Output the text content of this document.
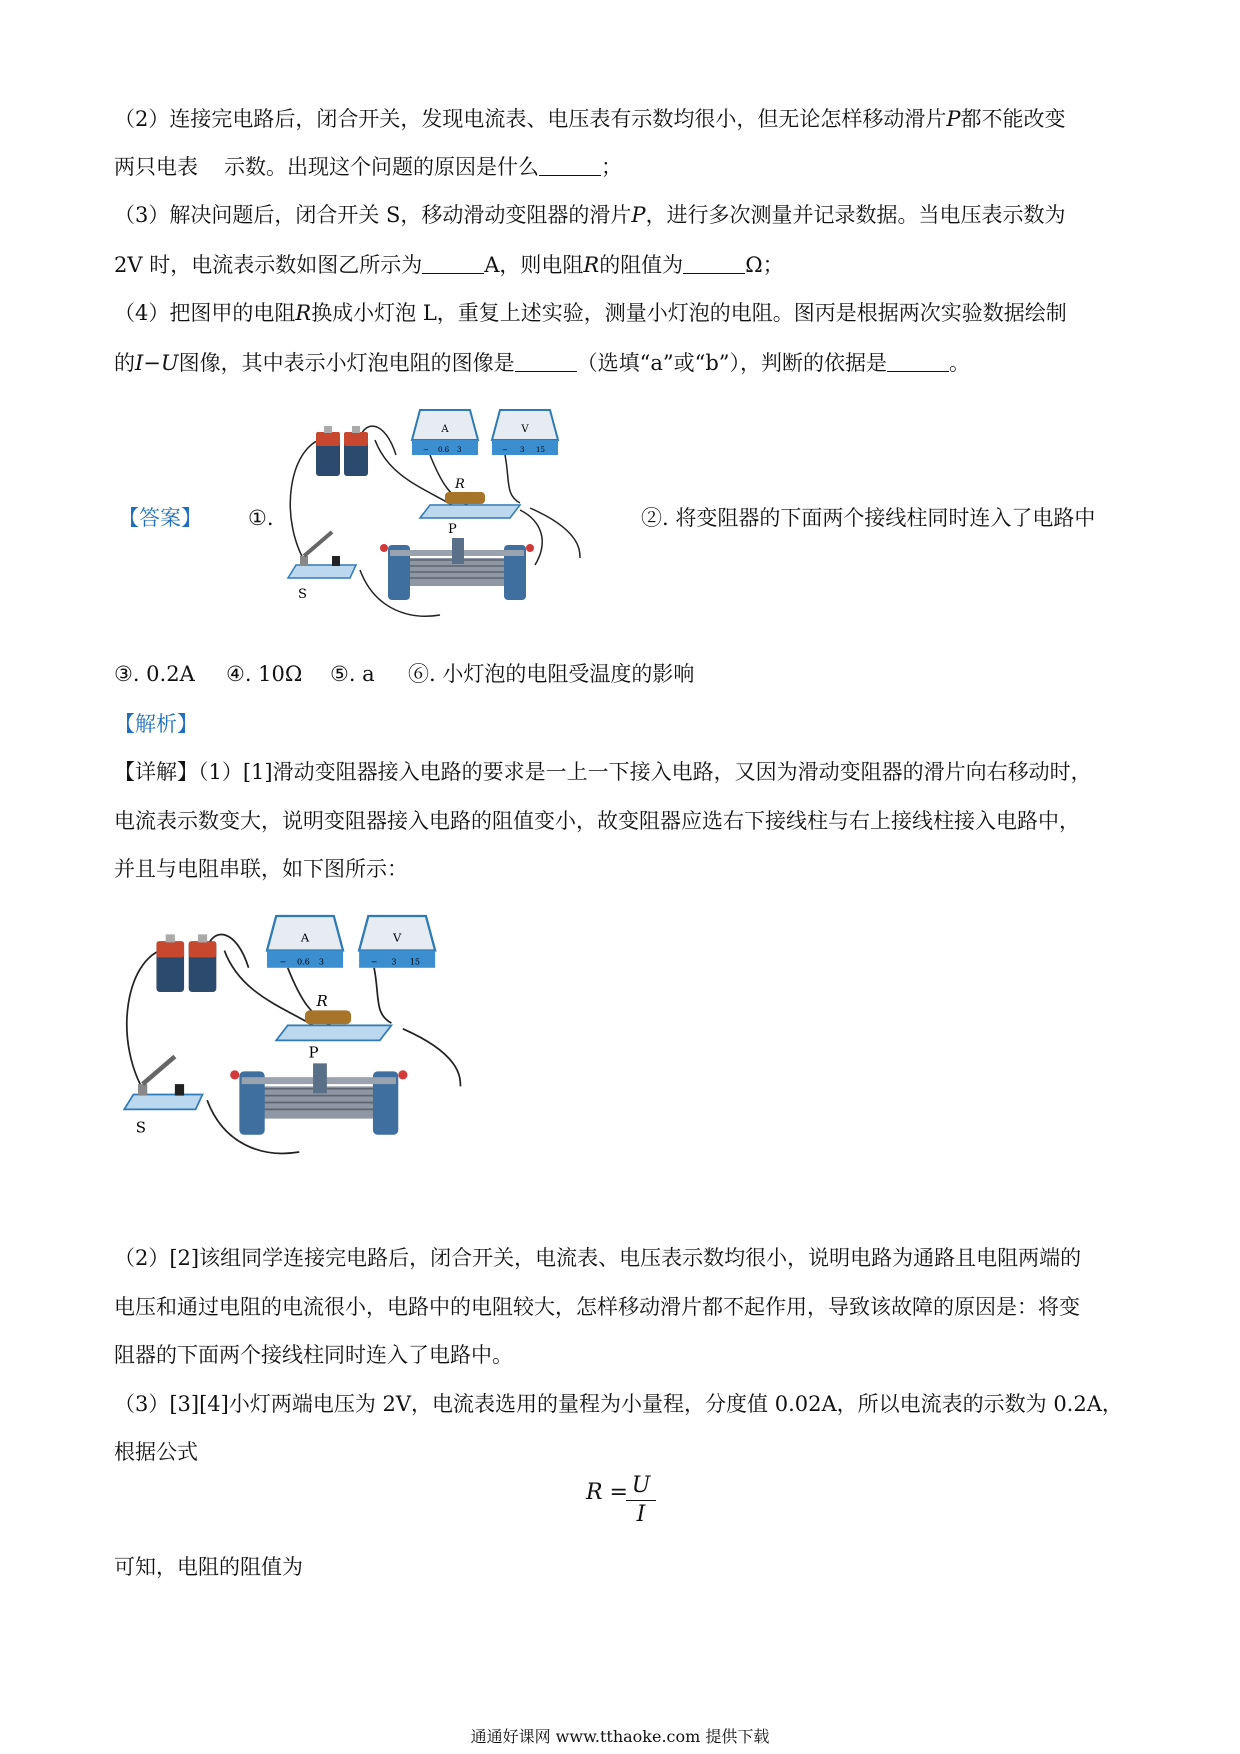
（2）连接完电路后，闭合开关，发现电流表、电压表有示数均很小，但无论怎样移动滑片P都不能改变
两只电表 示数。出现这个问题的原因是什么	；
（3）解决问题后，闭合开关 S，移动滑动变阻器的滑片P，进行多次测量并记录数据。当电压表示数为
2V 时，电流表示数如图乙所示为	A，则电阻R的阻值为	Ω；
（4）把图甲的电阻R换成小灯泡 L，重复上述实验，测量小灯泡的电阻。图丙是根据两次实验数据绘制
的I−U图像，其中表示小灯泡电阻的图像是	（选填“a”或“b”），判断的依据是	。
【答案】 ①.	②. 将变阻器的下面两个接线柱同时连入了电路中
A
− 0.6 3
V
− 3 15
R
P
S
③. 0.2A ④. 10Ω ⑤. a ⑥. 小灯泡的电阻受温度的影响
【解析】
【详解】（1）[1]滑动变阻器接入电路的要求是一上一下接入电路，又因为滑动变阻器的滑片向右移动时，
电流表示数变大，说明变阻器接入电路的阻值变小，故变阻器应选右下接线柱与右上接线柱接入电路中，
并且与电阻串联，如下图所示：
A
− 0.6 3
V
− 3 15
R
P
S
（2）[2]该组同学连接完电路后，闭合开关，电流表、电压表示数均很小，说明电路为通路且电阻两端的
电压和通过电阻的电流很小，电路中的电阻较大，怎样移动滑片都不起作用，导致该故障的原因是：将变
阻器的下面两个接线柱同时连入了电路中。
（3）[3][4]小灯两端电压为 2V，电流表选用的量程为小量程，分度值 0.02A，所以电流表的示数为 0.2A，
根据公式
R =
$\frac{U}{I}$
可知，电阻的阻值为
通通好课网 www.tthaoke.com 提供下载
